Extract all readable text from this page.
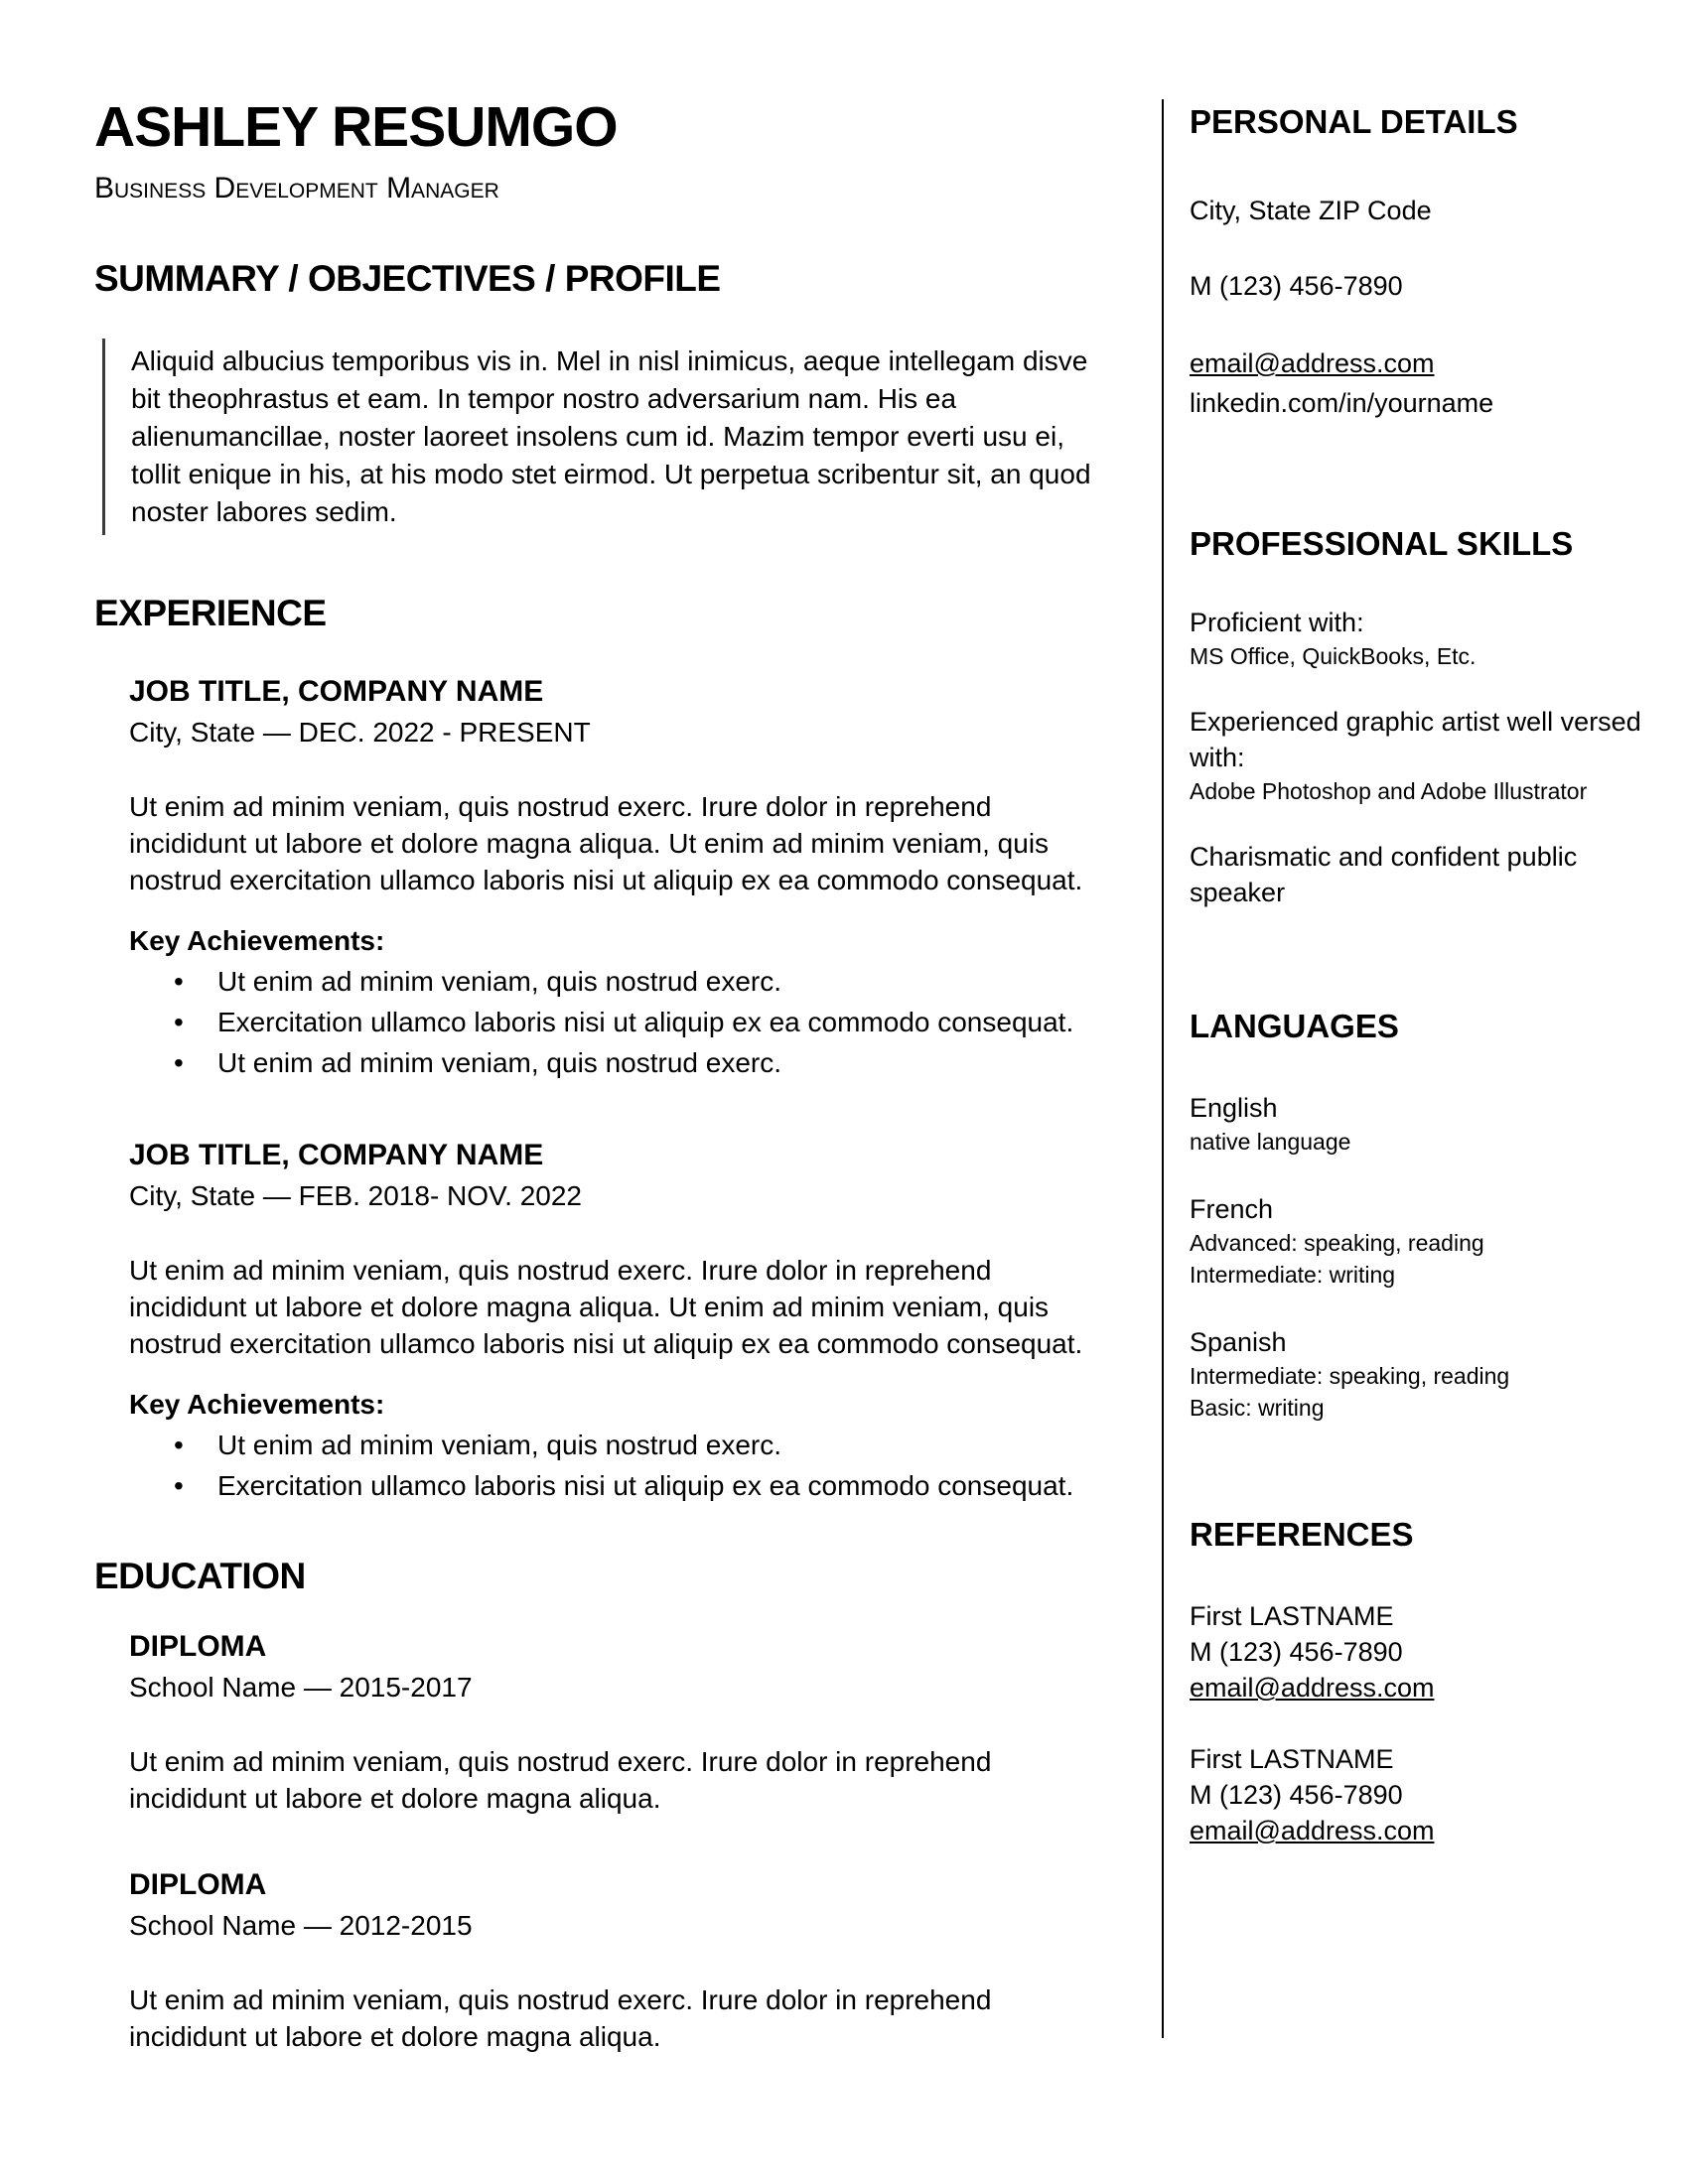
ASHLEY RESUMGO
Business Development Manager
SUMMARY / OBJECTIVES / PROFILE

Aliquid albucius temporibus vis in. Mel in nisl inimicus, aeque intellegam disve bit theophrastus et eam. In tempor nostro adversarium nam. His ea alienumancillae, noster laoreet insolens cum id. Mazim tempor everti usu ei, tollit enique in his, at his modo stet eirmod. Ut perpetua scribentur sit, an quod noster labores sedim.

EXPERIENCE
JOB TITLE, COMPANY NAME
City, State — DEC. 2022 - PRESENT

Ut enim ad minim veniam, quis nostrud exerc. Irure dolor in reprehend incididunt ut labore et dolore magna aliqua. Ut enim ad minim veniam, quis nostrud exercitation ullamco laboris nisi ut aliquip ex ea commodo consequat.

Key Achievements:
• Ut enim ad minim veniam, quis nostrud exerc.
• Exercitation ullamco laboris nisi ut aliquip ex ea commodo consequat.
• Ut enim ad minim veniam, quis nostrud exerc.
JOB TITLE, COMPANY NAME
City, State — FEB. 2018- NOV. 2022

Ut enim ad minim veniam, quis nostrud exerc. Irure dolor in reprehend incididunt ut labore et dolore magna aliqua. Ut enim ad minim veniam, quis nostrud exercitation ullamco laboris nisi ut aliquip ex ea commodo consequat.

Key Achievements:
• Ut enim ad minim veniam, quis nostrud exerc.
• Exercitation ullamco laboris nisi ut aliquip ex ea commodo consequat.
EDUCATION
DIPLOMA
School Name — 2015-2017

Ut enim ad minim veniam, quis nostrud exerc. Irure dolor in reprehend incididunt ut labore et dolore magna aliqua.

DIPLOMA
School Name — 2012-2015

Ut enim ad minim veniam, quis nostrud exerc. Irure dolor in reprehend incididunt ut labore et dolore magna aliqua.

PERSONAL DETAILS

City, State ZIP Code

M (123) 456-7890

email@address.com
linkedin.com/in/yourname

PROFESSIONAL SKILLS
Proficient with:
MS Office, QuickBooks, Etc.
Experienced graphic artist well versed with:
Adobe Photoshop and Adobe Illustrator
Charismatic and confident public speaker
LANGUAGES
English
native language
French
Advanced: speaking, reading
Intermediate: writing
Spanish
Intermediate: speaking, reading
Basic: writing
REFERENCES
First LASTNAME
M (123) 456-7890
email@address.com
First LASTNAME
M (123) 456-7890
email@address.com
